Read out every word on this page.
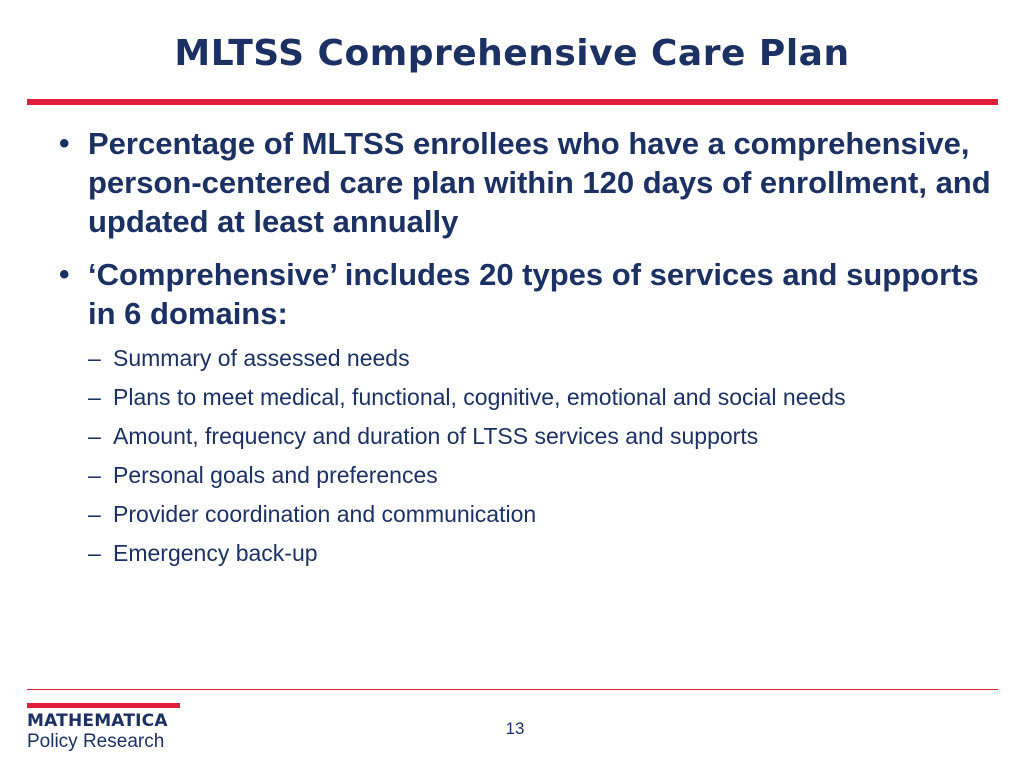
MLTSS Comprehensive Care Plan
• Percentage of MLTSS enrollees who have a comprehensive, person-centered care plan within 120 days of enrollment, and updated at least annually
• ‘Comprehensive’ includes 20 types of services and supports in 6 domains:
– Summary of assessed needs
– Plans to meet medical, functional, cognitive, emotional and social needs
– Amount, frequency and duration of LTSS services and supports
– Personal goals and preferences
– Provider coordination and communication
– Emergency back-up
MATHEMATICA
Policy Research
13
